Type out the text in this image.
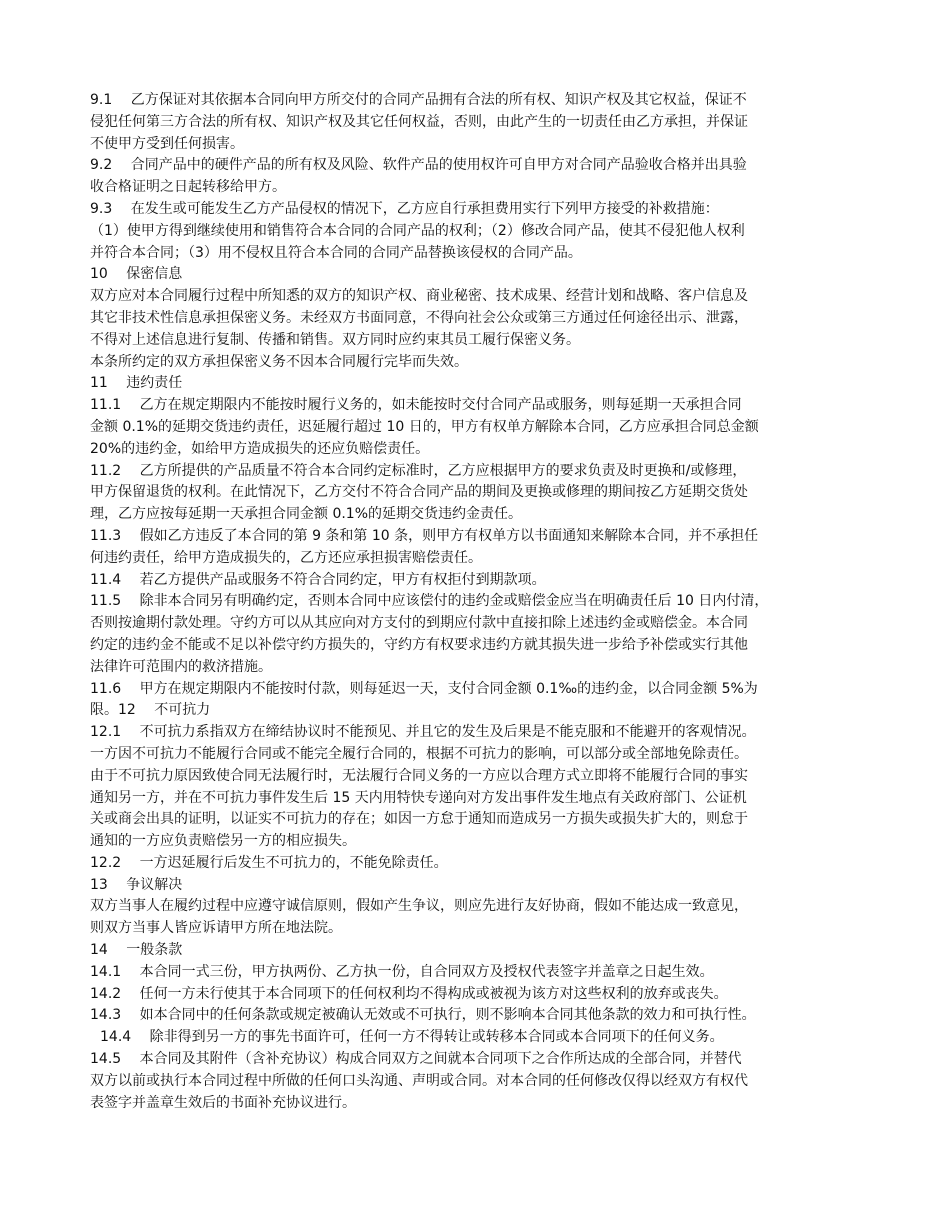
9.1　 乙方保证对其依据本合同向甲方所交付的合同产品拥有合法的所有权、知识产权及其它权益，保证不
侵犯任何第三方合法的所有权、知识产权及其它任何权益，否则，由此产生的一切责任由乙方承担，并保证
不使甲方受到任何损害。
9.2　 合同产品中的硬件产品的所有权及风险、软件产品的使用权许可自甲方对合同产品验收合格并出具验
收合格证明之日起转移给甲方。
9.3　 在发生或可能发生乙方产品侵权的情况下，乙方应自行承担费用实行下列甲方接受的补救措施：
（1）使甲方得到继续使用和销售符合本合同的合同产品的权利；（2）修改合同产品，使其不侵犯他人权利
并符合本合同；（3）用不侵权且符合本合同的合同产品替换该侵权的合同产品。
10　 保密信息
双方应对本合同履行过程中所知悉的双方的知识产权、商业秘密、技术成果、经营计划和战略、客户信息及
其它非技术性信息承担保密义务。未经双方书面同意，不得向社会公众或第三方通过任何途径出示、泄露，
不得对上述信息进行复制、传播和销售。双方同时应约束其员工履行保密义务。
本条所约定的双方承担保密义务不因本合同履行完毕而失效。
11　 违约责任
11.1　 乙方在规定期限内不能按时履行义务的，如未能按时交付合同产品或服务，则每延期一天承担合同
金额 0.1%的延期交货违约责任，迟延履行超过 10 日的，甲方有权单方解除本合同，乙方应承担合同总金额
20%的违约金，如给甲方造成损失的还应负赔偿责任。
11.2　 乙方所提供的产品质量不符合本合同约定标准时，乙方应根据甲方的要求负责及时更换和/或修理，
甲方保留退货的权利。在此情况下，乙方交付不符合合同产品的期间及更换或修理的期间按乙方延期交货处
理，乙方应按每延期一天承担合同金额 0.1%的延期交货违约金责任。
11.3　 假如乙方违反了本合同的第 9 条和第 10 条，则甲方有权单方以书面通知来解除本合同，并不承担任
何违约责任，给甲方造成损失的，乙方还应承担损害赔偿责任。
11.4　 若乙方提供产品或服务不符合合同约定，甲方有权拒付到期款项。
11.5　 除非本合同另有明确约定，否则本合同中应该偿付的违约金或赔偿金应当在明确责任后 10 日内付清，
否则按逾期付款处理。守约方可以从其应向对方支付的到期应付款中直接扣除上述违约金或赔偿金。本合同
约定的违约金不能或不足以补偿守约方损失的，守约方有权要求违约方就其损失进一步给予补偿或实行其他
法律许可范围内的救济措施。
11.6　 甲方在规定期限内不能按时付款，则每延迟一天，支付合同金额 0.1‰的违约金，以合同金额 5%为
限。12　 不可抗力
12.1　 不可抗力系指双方在缔结协议时不能预见、并且它的发生及后果是不能克服和不能避开的客观情况。
一方因不可抗力不能履行合同或不能完全履行合同的，根据不可抗力的影响，可以部分或全部地免除责任。
由于不可抗力原因致使合同无法履行时，无法履行合同义务的一方应以合理方式立即将不能履行合同的事实
通知另一方，并在不可抗力事件发生后 15 天内用特快专递向对方发出事件发生地点有关政府部门、公证机
关或商会出具的证明，以证实不可抗力的存在；如因一方怠于通知而造成另一方损失或损失扩大的，则怠于
通知的一方应负责赔偿另一方的相应损失。
12.2　 一方迟延履行后发生不可抗力的，不能免除责任。
13　 争议解决
双方当事人在履约过程中应遵守诚信原则，假如产生争议，则应先进行友好协商，假如不能达成一致意见，
则双方当事人皆应诉请甲方所在地法院。
14　 一般条款
14.1　 本合同一式三份，甲方执两份、乙方执一份，自合同双方及授权代表签字并盖章之日起生效。
14.2　 任何一方未行使其于本合同项下的任何权利均不得构成或被视为该方对这些权利的放弃或丧失。
14.3　 如本合同中的任何条款或规定被确认无效或不可执行，则不影响本合同其他条款的效力和可执行性。
14.4　 除非得到另一方的事先书面许可，任何一方不得转让或转移本合同或本合同项下的任何义务。
14.5　 本合同及其附件（含补充协议）构成合同双方之间就本合同项下之合作所达成的全部合同，并替代
双方以前或执行本合同过程中所做的任何口头沟通、声明或合同。对本合同的任何修改仅得以经双方有权代
表签字并盖章生效后的书面补充协议进行。
